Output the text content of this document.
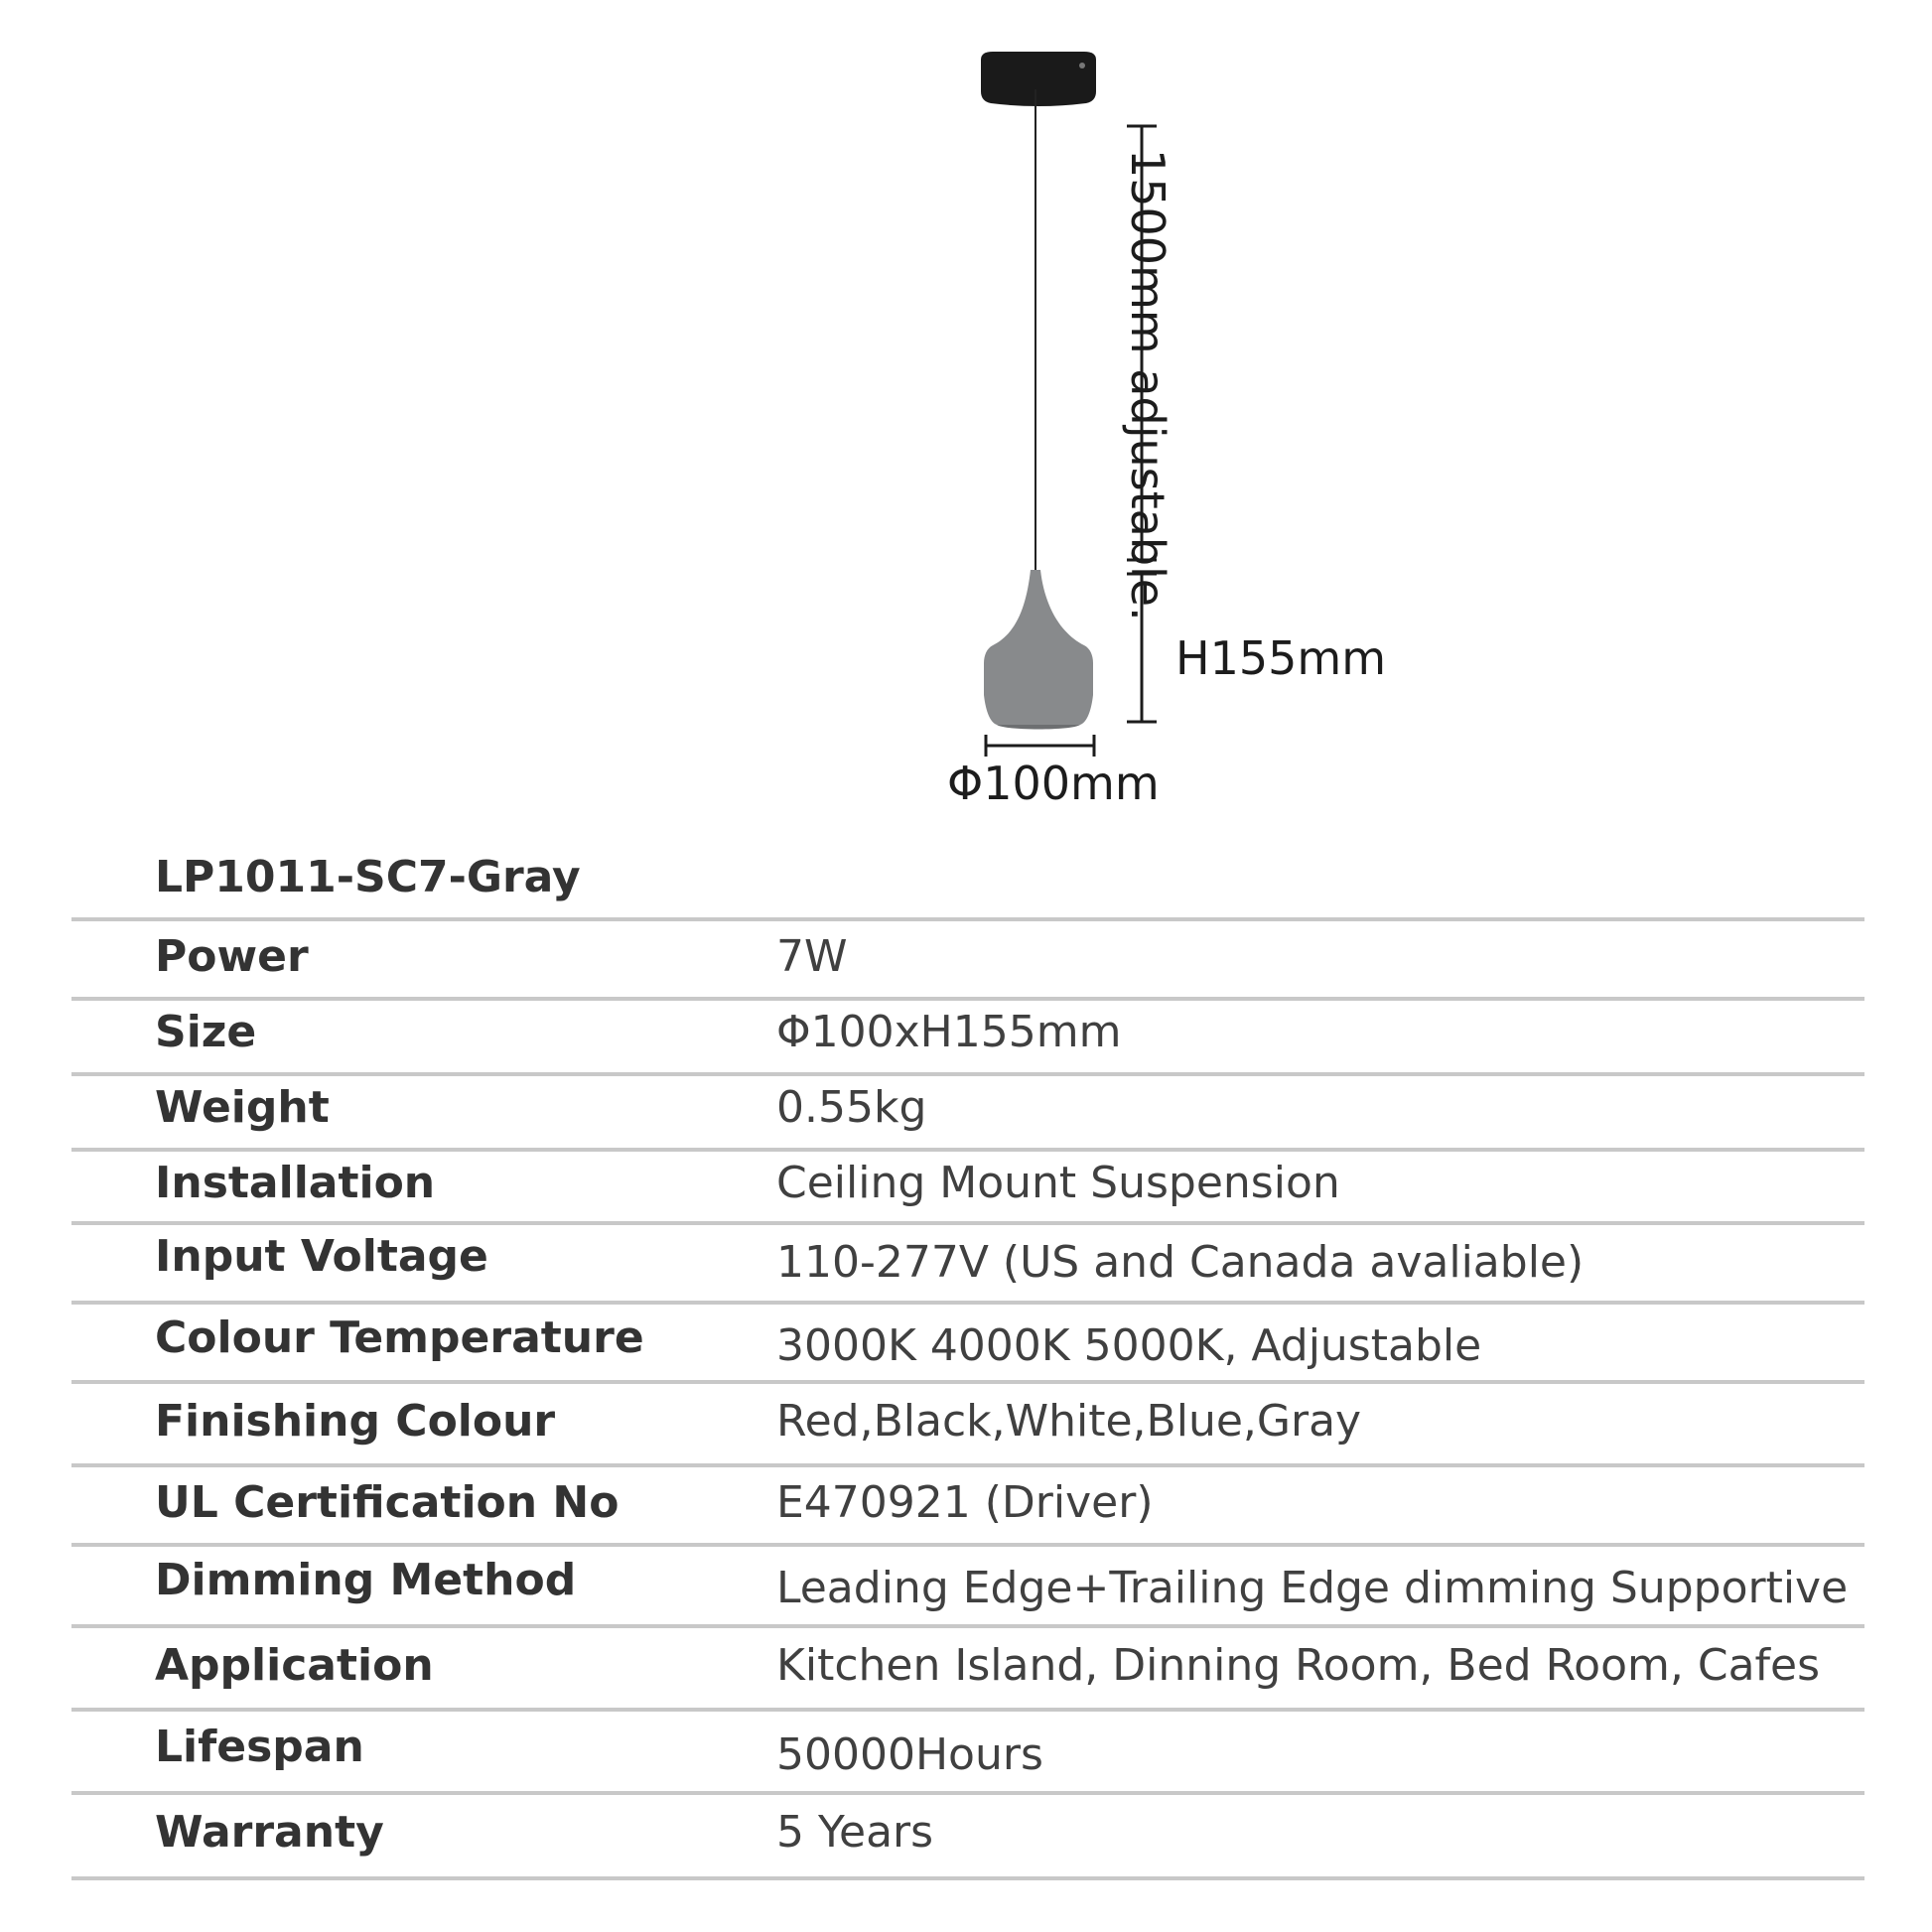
1500mm adjustable.
H155mm
Φ100mm
LP1011-SC7-Gray
Power	7W
Size	Φ100xH155mm
Weight	0.55kg
Installation	Ceiling Mount Suspension
Input Voltage	110-277V (US and Canada avaliable)
Colour Temperature	3000K 4000K 5000K, Adjustable
Finishing Colour	Red,Black,White,Blue,Gray
UL Certification No	E470921 (Driver)
Dimming Method	Leading Edge+Trailing Edge dimming Supportive
Application	Kitchen Island, Dinning Room, Bed Room, Cafes
Lifespan	50000Hours
Warranty	5 Years
